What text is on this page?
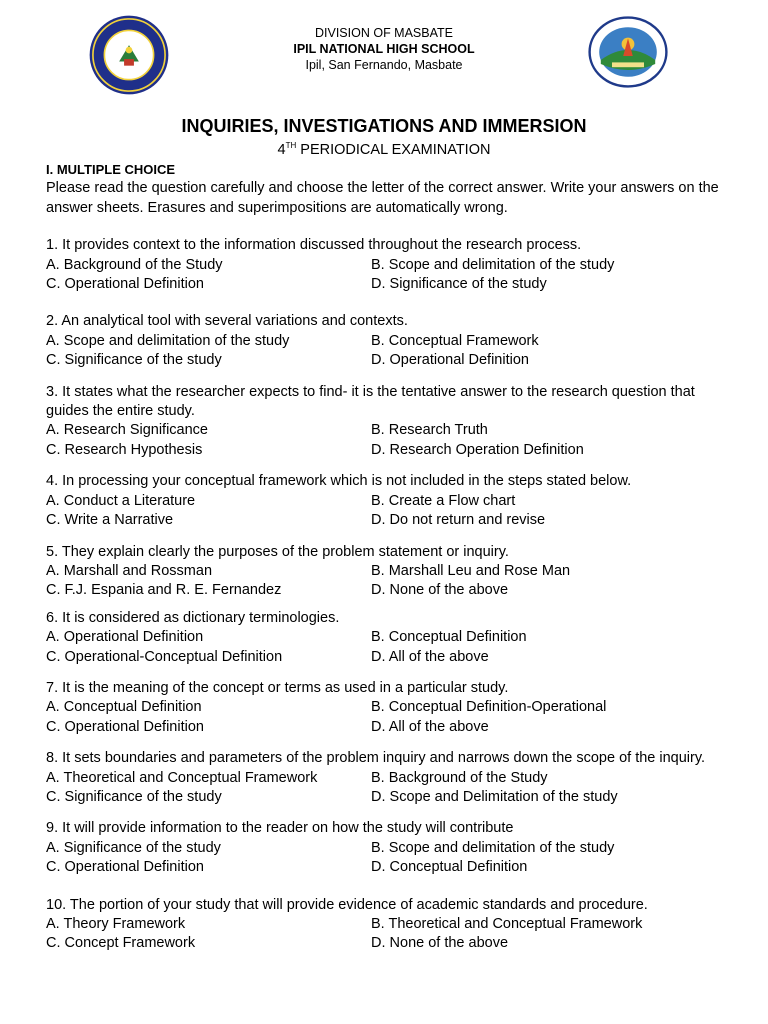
DIVISION OF MASBATE
IPIL NATIONAL HIGH SCHOOL
Ipil, San Fernando, Masbate
INQUIRIES, INVESTIGATIONS AND IMMERSION
4TH PERIODICAL EXAMINATION
I. MULTIPLE CHOICE
Please read the question carefully and choose the letter of the correct answer. Write your answers on the answer sheets. Erasures and superimpositions are automatically wrong.
1. It provides context to the information discussed throughout the research process.
A. Background of the Study	B. Scope and delimitation of the study
C. Operational Definition	D. Significance of the study
2. An analytical tool with several variations and contexts.
A. Scope and delimitation of the study	B. Conceptual Framework
C. Significance of the study	D. Operational Definition
3. It states what the researcher expects to find- it is the tentative answer to the research question that guides the entire study.
A. Research Significance	B. Research Truth
C. Research Hypothesis	D. Research Operation Definition
4. In processing your conceptual framework which is not included in the steps stated below.
A. Conduct a Literature	B. Create a Flow chart
C. Write a Narrative	D. Do not return and revise
5. They explain clearly the purposes of the problem statement or inquiry.
A. Marshall and Rossman	B. Marshall Leu and Rose Man
C. F.J. Espania and R. E. Fernandez	D. None of the above
6. It is considered as dictionary terminologies.
A. Operational Definition	B. Conceptual Definition
C. Operational-Conceptual Definition	D. All of the above
7. It is the meaning of the concept or terms as used in a particular study.
A. Conceptual Definition	B. Conceptual Definition-Operational
C. Operational Definition	D. All of the above
8. It sets boundaries and parameters of the problem inquiry and narrows down the scope of the inquiry.
A. Theoretical and Conceptual Framework	B. Background of the Study
C. Significance of the study	D. Scope and Delimitation of the study
9. It will provide information to the reader on how the study will contribute
A. Significance of the study	B. Scope and delimitation of the study
C. Operational Definition	D. Conceptual Definition
10. The portion of your study that will provide evidence of academic standards and procedure.
A. Theory Framework	B. Theoretical and Conceptual Framework
C. Concept Framework	D. None of the above
